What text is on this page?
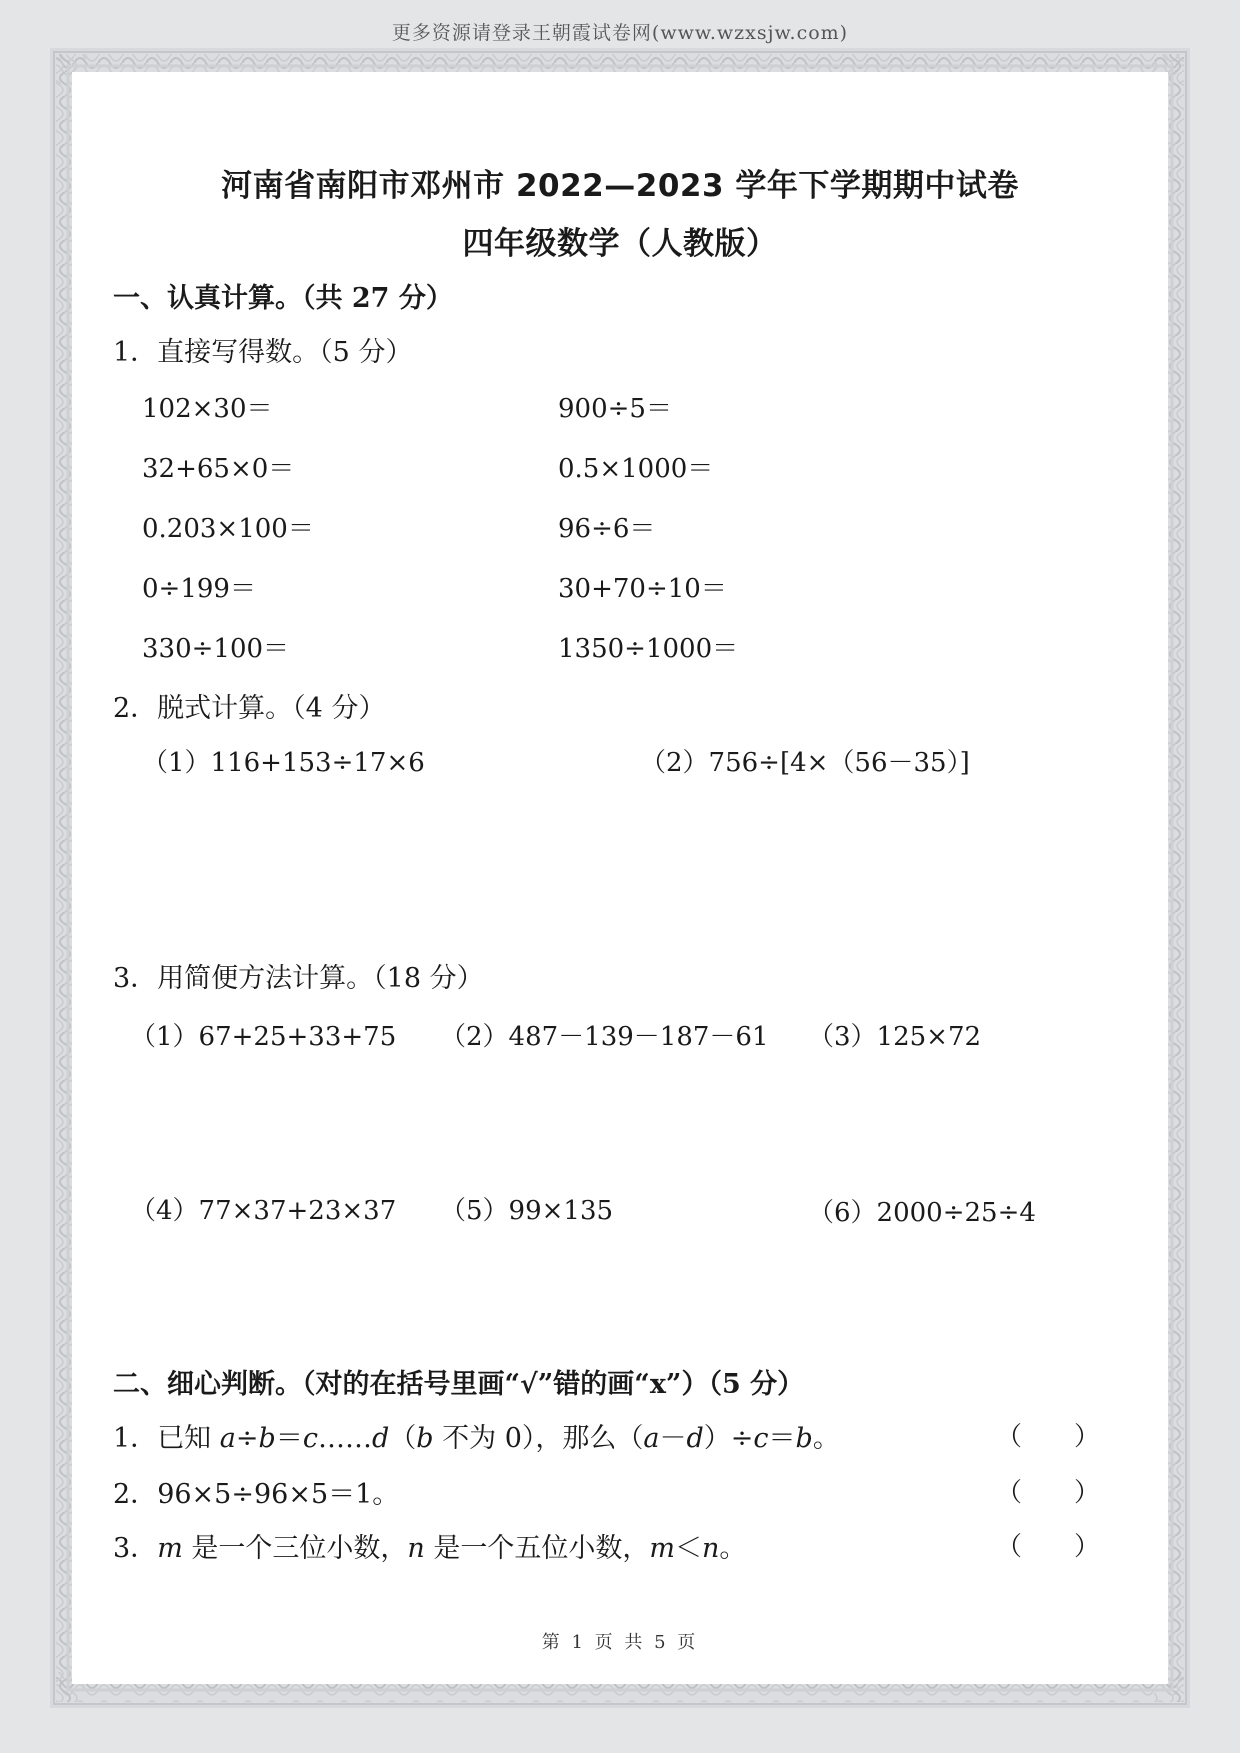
更多资源请登录王朝霞试卷网(www.wzxsjw.com)
河南省南阳市邓州市 2022—2023 学年下学期期中试卷
四年级数学（人教版）
一、认真计算。（共 27 分）
1．直接写得数。（5 分）
102×30＝	900÷5＝
32+65×0＝	0.5×1000＝
0.203×100＝	96÷6＝
0÷199＝	30+70÷10＝
330÷100＝	1350÷1000＝
2．脱式计算。（4 分）
（1）116+153÷17×6	（2）756÷[4×（56－35）]
3．用简便方法计算。（18 分）
（1）67+25+33+75 （2）487－139－187－61 （3）125×72
（4）77×37+23×37 （5）99×135	（6）2000÷25÷4
二、细心判断。（对的在括号里画“√”错的画“x”）（5 分）
1．已知 a÷b＝c……d（b 不为 0），那么（a－d）÷c＝b。	（　　）
2．96×5÷96×5＝1。	（　　）
3．m 是一个三位小数，n 是一个五位小数，m＜n。	（　　）
第 1 页 共 5 页
